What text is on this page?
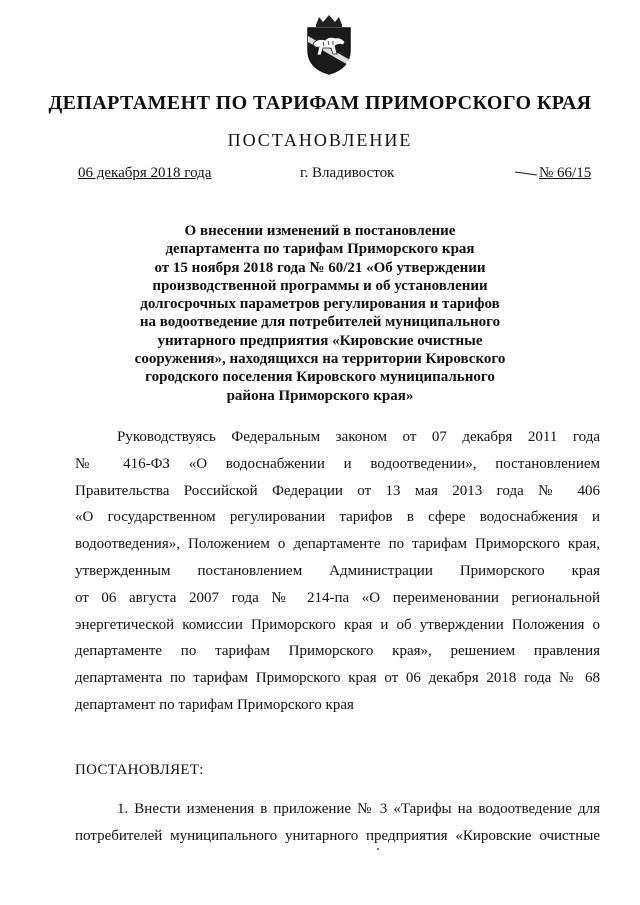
ДЕПАРТАМЕНТ ПО ТАРИФАМ ПРИМОРСКОГО КРАЯ
ПОСТАНОВЛЕНИЕ
06 декабря 2018 года	г. Владивосток	№ 66/15
О внесении изменений в постановление
департамента по тарифам Приморского края
от 15 ноября 2018 года № 60/21 «Об утверждении
производственной программы и об установлении
долгосрочных параметров регулирования и тарифов
на водоотведение для потребителей муниципального
унитарного предприятия «Кировские очистные
сооружения», находящихся на территории Кировского
городского поселения Кировского муниципального
района Приморского края»
Руководствуясь Федеральным законом от 07 декабря 2011 года
№ 416-ФЗ «О водоснабжении и водоотведении», постановлением
Правительства Российской Федерации от 13 мая 2013 года № 406
«О государственном регулировании тарифов в сфере водоснабжения и
водоотведения», Положением о департаменте по тарифам Приморского края,
утвержденным постановлением Администрации Приморского края
от 06 августа 2007 года № 214-па «О переименовании региональной
энергетической комиссии Приморского края и об утверждении Положения о
департаменте по тарифам Приморского края», решением правления
департамента по тарифам Приморского края от 06 декабря 2018 года № 68
департамент по тарифам Приморского края
ПОСТАНОВЛЯЕТ:
1. Внести изменения в приложение № 3 «Тарифы на водоотведение для
потребителей муниципального унитарного предприятия «Кировские очистные
